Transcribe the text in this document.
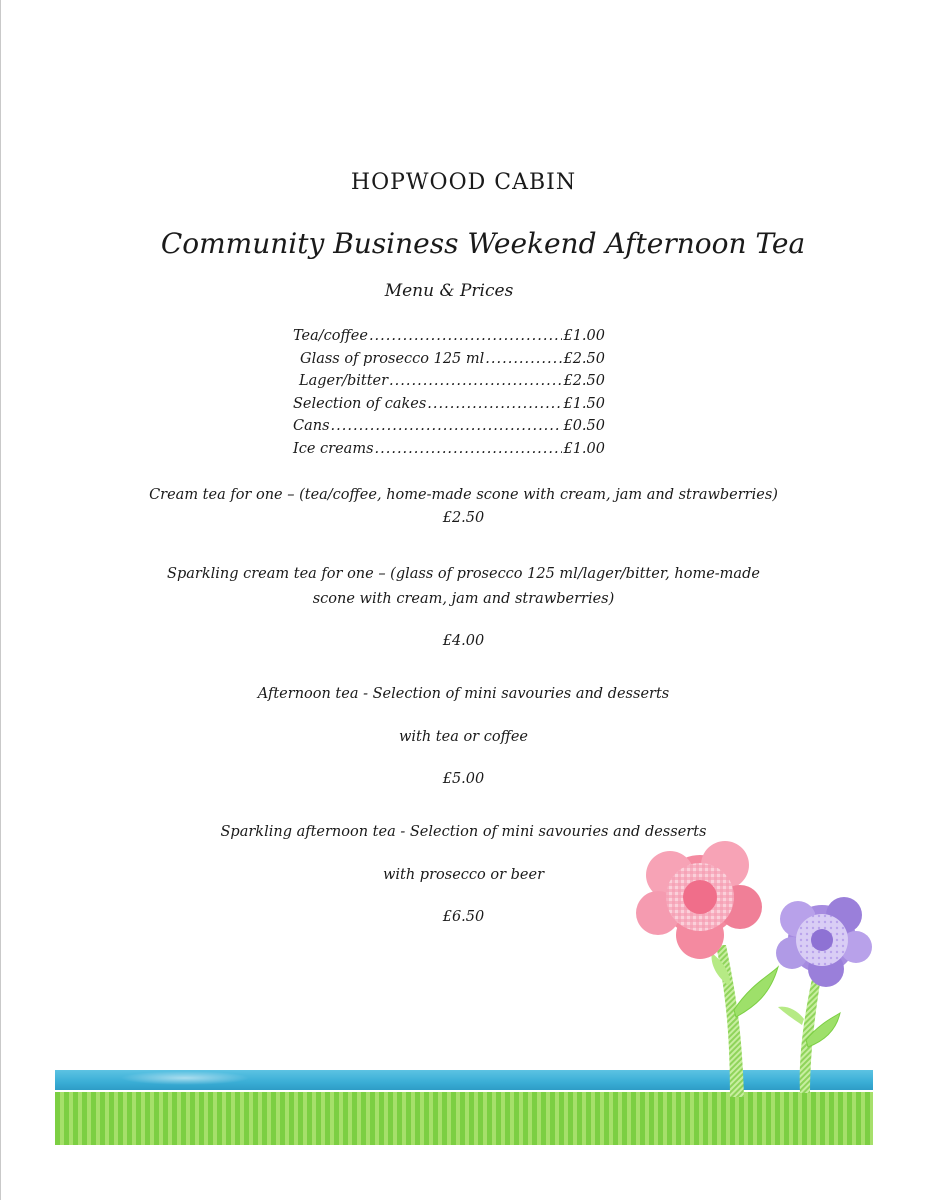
HOPWOOD CABIN
Community Business Weekend Afternoon Tea
Menu & Prices
Tea/coffee .....	£1.00
Glass of prosecco 125 ml .....	£2.50
Lager/bitter .....	£2.50
Selection of cakes .....	£1.50
Cans .....	£0.50
Ice creams .....	£1.00
Cream tea for one – (tea/coffee, home-made scone with cream, jam and strawberries)
£2.50
Sparkling cream tea for one – (glass of prosecco 125 ml/lager/bitter, home-made
scone with cream, jam and strawberries)
£4.00
Afternoon tea - Selection of mini savouries and desserts
with tea or coffee
£5.00
Sparkling afternoon tea - Selection of mini savouries and desserts
with prosecco or beer
£6.50
